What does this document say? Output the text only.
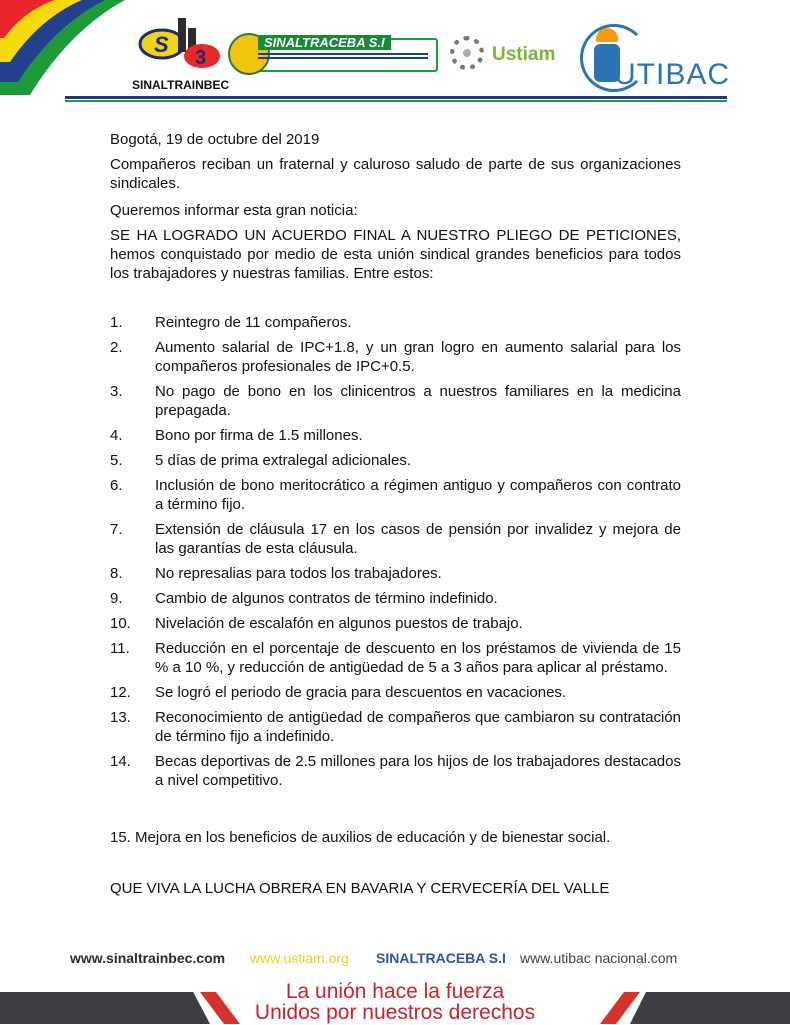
S
3
SINALTRAINBEC
SINALTRACEBA S.I
Ustiam
UTIBAC

Bogotá, 19 de octubre del 2019

Compañeros reciban un fraternal y caluroso saludo de parte de sus organizaciones sindicales.

Queremos informar esta gran noticia:

SE HA LOGRADO UN ACUERDO FINAL A NUESTRO PLIEGO DE PETICIONES, hemos conquistado por medio de esta unión sindical grandes beneficios para todos los trabajadores y nuestras familias. Entre estos:

1. Reintegro de 11 compañeros.
2. Aumento salarial de IPC+1.8, y un gran logro en aumento salarial para los compañeros profesionales de IPC+0.5.
3. No pago de bono en los clinicentros a nuestros familiares en la medicina prepagada.
4. Bono por firma de 1.5 millones.
5. 5 días de prima extralegal adicionales.
6. Inclusión de bono meritocrático a régimen antiguo y compañeros con contrato a término fijo.
7. Extensión de cláusula 17 en los casos de pensión por invalidez y mejora de las garantías de esta cláusula.
8. No represalias para todos los trabajadores.
9. Cambio de algunos contratos de término indefinido.
10. Nivelación de escalafón en algunos puestos de trabajo.
11. Reducción en el porcentaje de descuento en los préstamos de vivienda de 15 % a 10 %, y reducción de antigüedad de 5 a 3 años para aplicar al préstamo.
12. Se logró el periodo de gracia para descuentos en vacaciones.
13. Reconocimiento de antigüedad de compañeros que cambiaron su contratación de término fijo a indefinido.
14. Becas deportivas de 2.5 millones para los hijos de los trabajadores destacados a nivel competitivo.

15. Mejora en los beneficios de auxilios de educación y de bienestar social.

QUE VIVA LA LUCHA OBRERA EN BAVARIA Y CERVECERÍA DEL VALLE

www.sinaltrainbec.com www.ustiam.org SINALTRACEBA S.I www.utibac nacional.com
La unión hace la fuerza
Unidos por nuestros derechos
